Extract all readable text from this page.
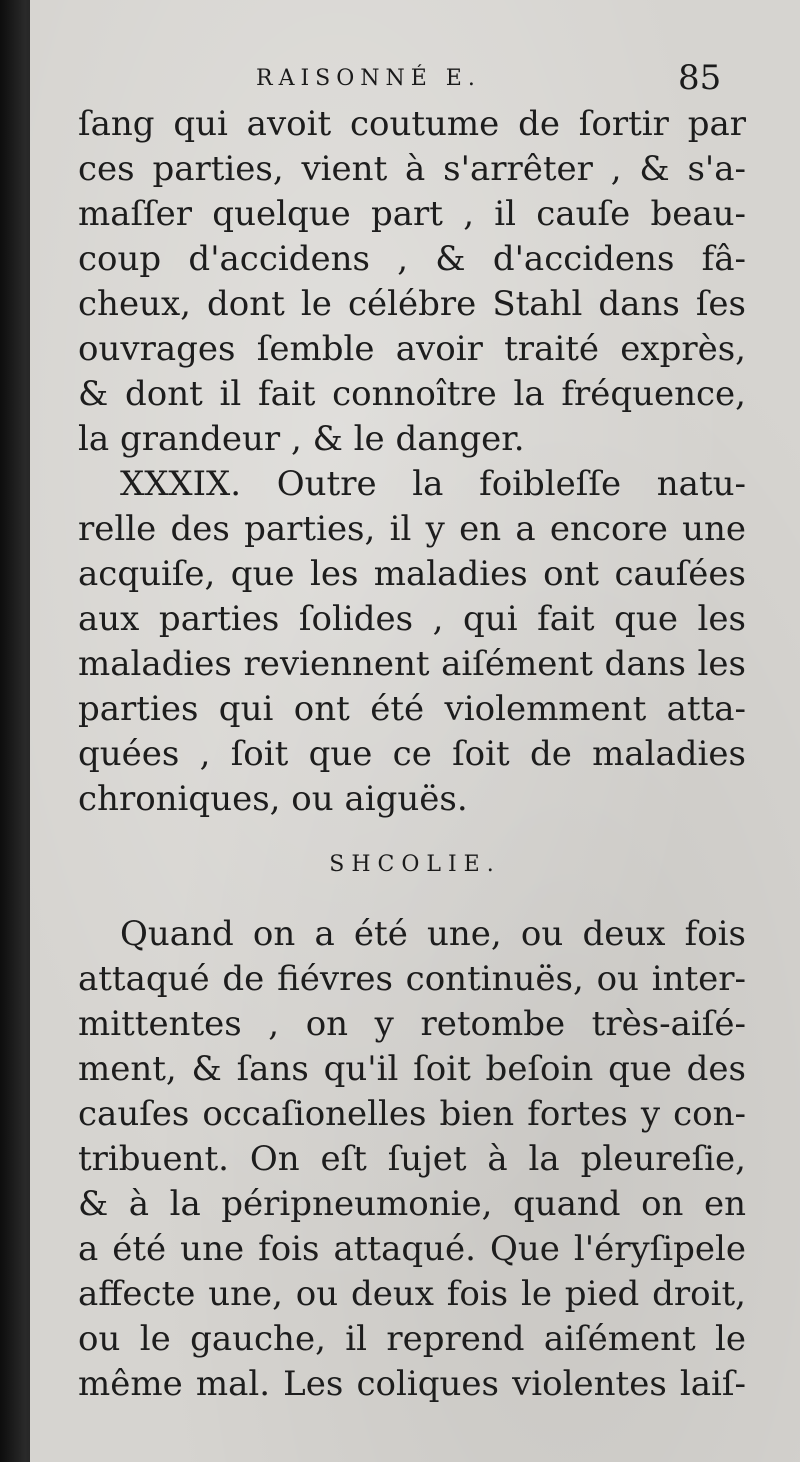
RAISONNÉ E.	85
ſang qui avoit coutume de ſortir par
ces parties, vient à s'arrêter , & s'a-
maſſer quelque part , il cauſe beau-
coup d'accidens , & d'accidens fâ-
cheux, dont le célébre Stahl dans ſes
ouvrages ſemble avoir traité exprès,
& dont il fait connoître la fréquence,
la grandeur , & le danger.
XXXIX. Outre la foibleſſe natu-
relle des parties, il y en a encore une
acquiſe, que les maladies ont cauſées
aux parties ſolides , qui fait que les
maladies reviennent aiſément dans les
parties qui ont été violemment atta-
quées , ſoit que ce ſoit de maladies
chroniques, ou aiguës.
SHCOLIE.
Quand on a été une, ou deux fois
attaqué de fiévres continuës, ou inter-
mittentes , on y retombe très-aiſé-
ment, & ſans qu'il ſoit beſoin que des
cauſes occaſionelles bien fortes y con-
tribuent. On eſt ſujet à la pleureſie,
& à la péripneumonie, quand on en
a été une fois attaqué. Que l'éryſipele
affecte une, ou deux fois le pied droit,
ou le gauche, il reprend aiſément le
même mal. Les coliques violentes laiſ-
